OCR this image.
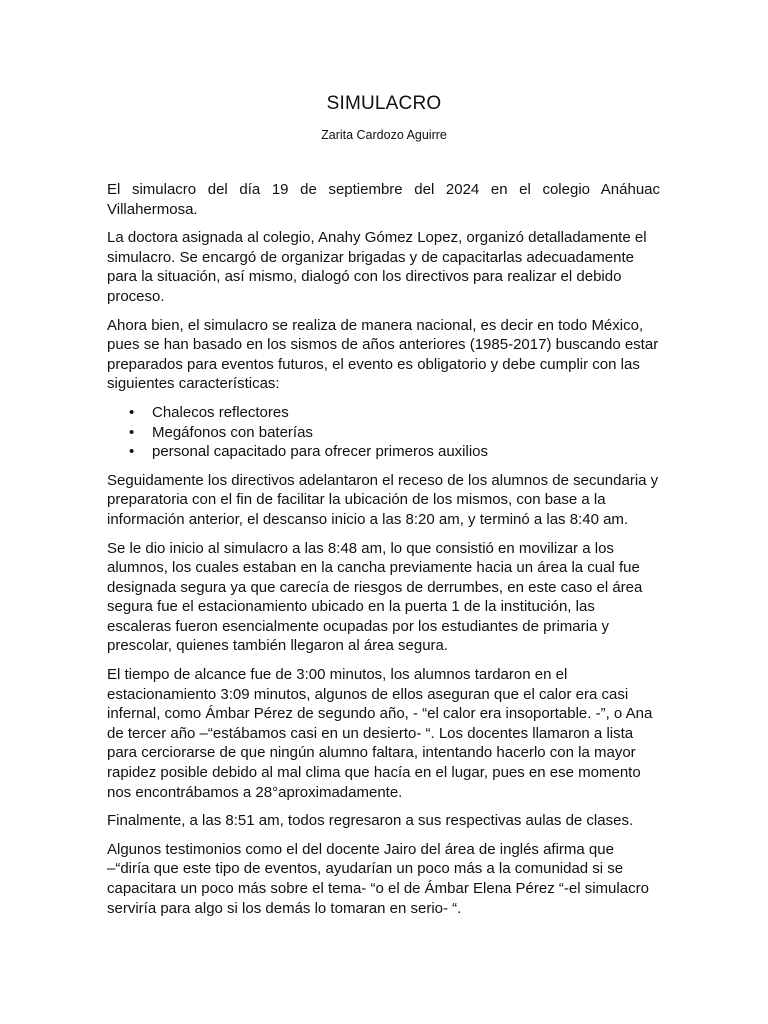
SIMULACRO
Zarita Cardozo Aguirre

El simulacro del día 19 de septiembre del 2024 en el colegio Anáhuac Villahermosa.

La doctora asignada al colegio, Anahy Gómez Lopez, organizó detalladamente el simulacro. Se encargó de organizar brigadas y de capacitarlas adecuadamente para la situación, así mismo, dialogó con los directivos para realizar el debido proceso.

Ahora bien, el simulacro se realiza de manera nacional, es decir en todo México, pues se han basado en los sismos de años anteriores (1985-2017) buscando estar preparados para eventos futuros, el evento es obligatorio y debe cumplir con las siguientes características:

• Chalecos reflectores
• Megáfonos con baterías
• personal capacitado para ofrecer primeros auxilios

Seguidamente los directivos adelantaron el receso de los alumnos de secundaria y preparatoria con el fin de facilitar la ubicación de los mismos, con base a la información anterior, el descanso inicio a las 8:20 am, y terminó a las 8:40 am.

Se le dio inicio al simulacro a las 8:48 am, lo que consistió en movilizar a los alumnos, los cuales estaban en la cancha previamente hacia un área la cual fue designada segura ya que carecía de riesgos de derrumbes, en este caso el área segura fue el estacionamiento ubicado en la puerta 1 de la institución, las escaleras fueron esencialmente ocupadas por los estudiantes de primaria y prescolar, quienes también llegaron al área segura.

El tiempo de alcance fue de 3:00 minutos, los alumnos tardaron en el estacionamiento 3:09 minutos, algunos de ellos aseguran que el calor era casi infernal, como Ámbar Pérez de segundo año, - “el calor era insoportable. -”, o Ana de tercer año –“estábamos casi en un desierto- “. Los docentes llamaron a lista para cerciorarse de que ningún alumno faltara, intentando hacerlo con la mayor rapidez posible debido al mal clima que hacía en el lugar, pues en ese momento nos encontrábamos a 28°aproximadamente.

Finalmente, a las 8:51 am, todos regresaron a sus respectivas aulas de clases.

Algunos testimonios como el del docente Jairo del área de inglés afirma que –“diría que este tipo de eventos, ayudarían un poco más a la comunidad si se capacitara un poco más sobre el tema- “o el de Ámbar Elena Pérez “-el simulacro serviría para algo si los demás lo tomaran en serio- “.
